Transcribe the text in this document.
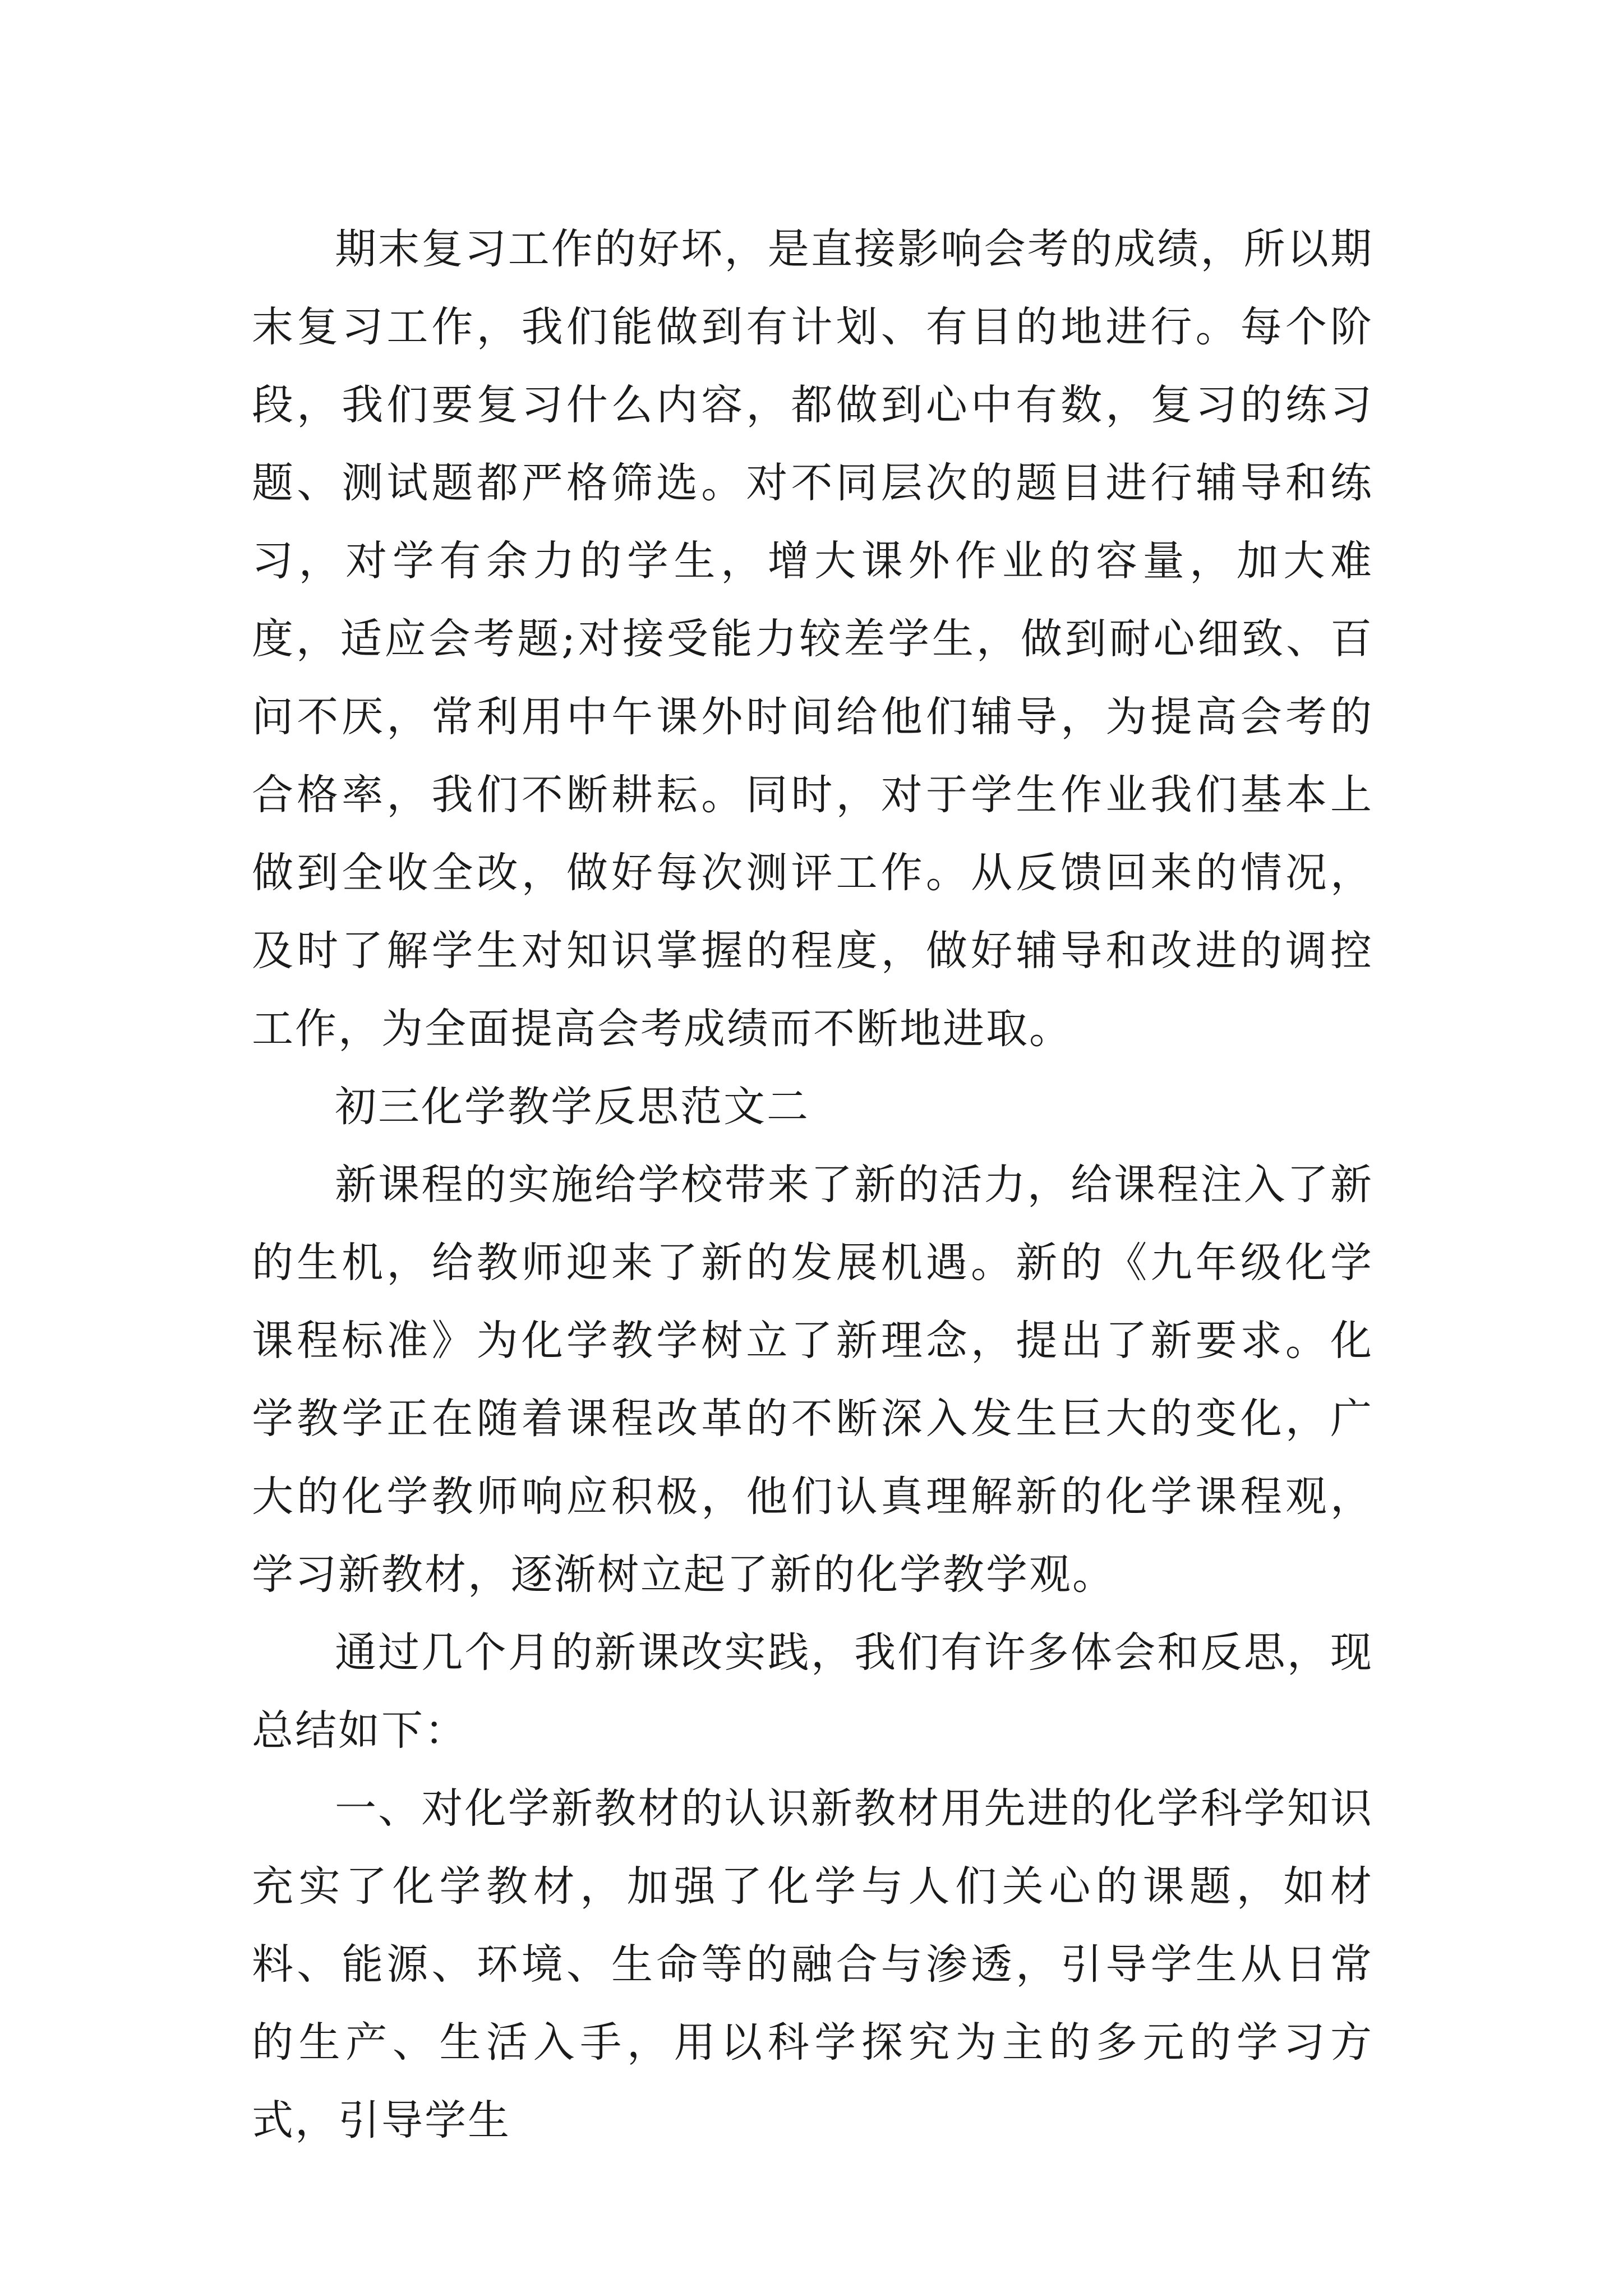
期末复习工作的好坏，是直接影响会考的成绩，所以期末复习工作，我们能做到有计划、有目的地进行。每个阶段，我们要复习什么内容，都做到心中有数，复习的练习题、测试题都严格筛选。对不同层次的题目进行辅导和练习，对学有余力的学生，增大课外作业的容量，加大难度，适应会考题;对接受能力较差学生，做到耐心细致、百问不厌，常利用中午课外时间给他们辅导，为提高会考的合格率，我们不断耕耘。同时，对于学生作业我们基本上做到全收全改，做好每次测评工作。从反馈回来的情况，及时了解学生对知识掌握的程度，做好辅导和改进的调控工作，为全面提高会考成绩而不断地进取。

初三化学教学反思范文二

新课程的实施给学校带来了新的活力，给课程注入了新的生机，给教师迎来了新的发展机遇。新的《九年级化学课程标准》为化学教学树立了新理念，提出了新要求。化学教学正在随着课程改革的不断深入发生巨大的变化，广大的化学教师响应积极，他们认真理解新的化学课程观，学习新教材，逐渐树立起了新的化学教学观。

通过几个月的新课改实践，我们有许多体会和反思，现总结如下：

一、对化学新教材的认识新教材用先进的化学科学知识充实了化学教材，加强了化学与人们关心的课题，如材料、能源、环境、生命等的融合与渗透，引导学生从日常的生产、生活入手，用以科学探究为主的多元的学习方式，引导学生
